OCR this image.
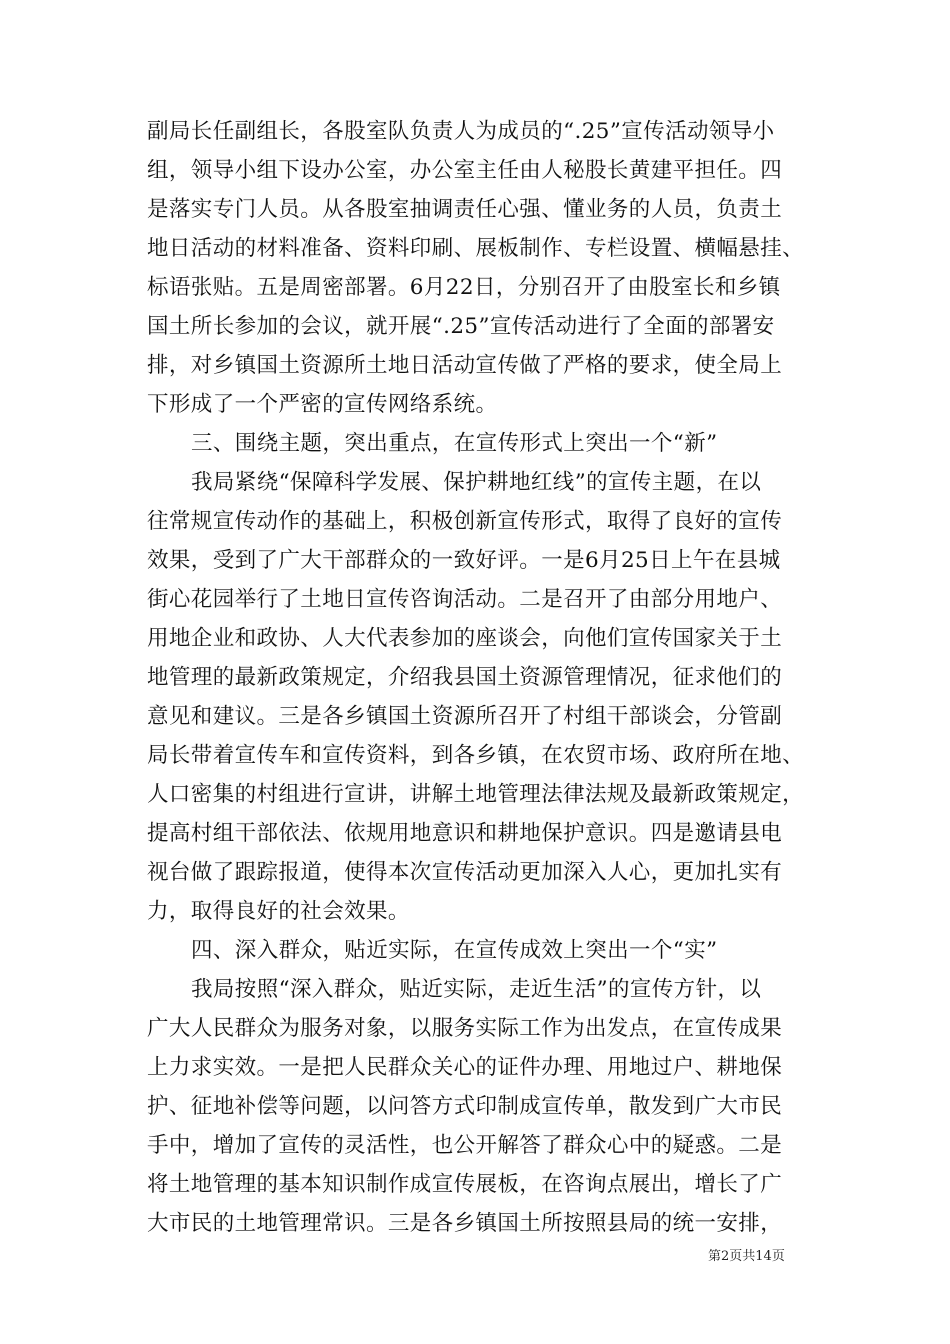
副局长任副组长，各股室队负责人为成员的“.25”宣传活动领导小
组，领导小组下设办公室，办公室主任由人秘股长黄建平担任。四
是落实专门人员。从各股室抽调责任心强、懂业务的人员，负责土
地日活动的材料准备、资料印刷、展板制作、专栏设置、横幅悬挂、
标语张贴。五是周密部署。6月22日，分别召开了由股室长和乡镇
国土所长参加的会议，就开展“.25”宣传活动进行了全面的部署安
排，对乡镇国土资源所土地日活动宣传做了严格的要求，使全局上
下形成了一个严密的宣传网络系统。
三、围绕主题，突出重点，在宣传形式上突出一个“新”
我局紧绕“保障科学发展、保护耕地红线”的宣传主题，在以
往常规宣传动作的基础上，积极创新宣传形式，取得了良好的宣传
效果，受到了广大干部群众的一致好评。一是6月25日上午在县城
街心花园举行了土地日宣传咨询活动。二是召开了由部分用地户、
用地企业和政协、人大代表参加的座谈会，向他们宣传国家关于土
地管理的最新政策规定，介绍我县国土资源管理情况，征求他们的
意见和建议。三是各乡镇国土资源所召开了村组干部谈会，分管副
局长带着宣传车和宣传资料，到各乡镇，在农贸市场、政府所在地、
人口密集的村组进行宣讲，讲解土地管理法律法规及最新政策规定，
提高村组干部依法、依规用地意识和耕地保护意识。四是邀请县电
视台做了跟踪报道，使得本次宣传活动更加深入人心，更加扎实有
力，取得良好的社会效果。
四、深入群众，贴近实际，在宣传成效上突出一个“实”
我局按照“深入群众，贴近实际，走近生活”的宣传方针，以
广大人民群众为服务对象，以服务实际工作为出发点，在宣传成果
上力求实效。一是把人民群众关心的证件办理、用地过户、耕地保
护、征地补偿等问题，以问答方式印制成宣传单，散发到广大市民
手中，增加了宣传的灵活性，也公开解答了群众心中的疑惑。二是
将土地管理的基本知识制作成宣传展板，在咨询点展出，增长了广
大市民的土地管理常识。三是各乡镇国土所按照县局的统一安排，
第2页共14页
